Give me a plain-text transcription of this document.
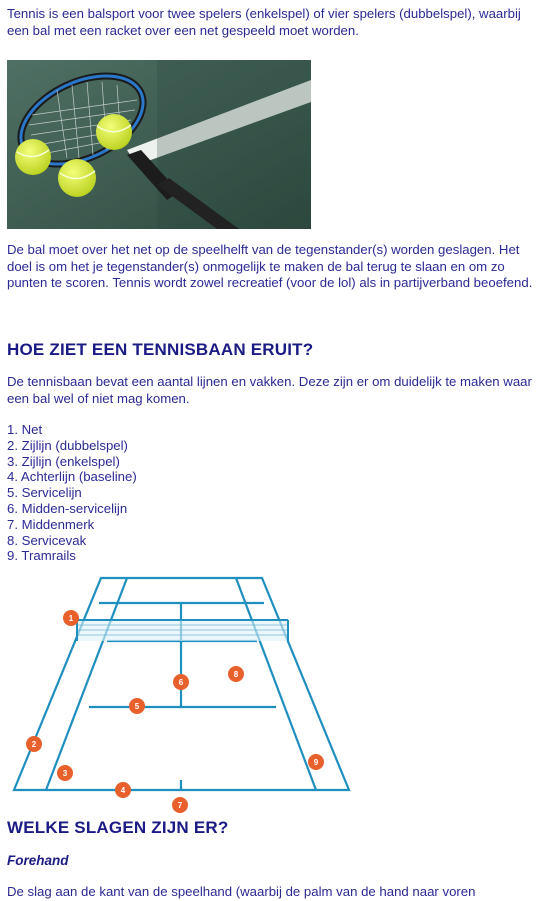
Tennis is een balsport voor twee spelers (enkelspel) of vier spelers (dubbelspel), waarbij een bal met een racket over een net gespeeld moet worden.

De bal moet over het net op de speelhelft van de tegenstander(s) worden geslagen. Het doel is om het je tegenstander(s) onmogelijk te maken de bal terug te slaan en om zo punten te scoren. Tennis wordt zowel recreatief (voor de lol) als in partijverband beoefend.

HOE ZIET EEN TENNISBAAN ERUIT?

De tennisbaan bevat een aantal lijnen en vakken. Deze zijn er om duidelijk te maken waar een bal wel of niet mag komen.

1. Net
2. Zijlijn (dubbelspel)
3. Zijlijn (enkelspel)
4. Achterlijn (baseline)
5. Servicelijn
6. Midden-servicelijn
7. Middenmerk
8. Servicevak
9. Tramrails
1
2
3
4
5
6
7
8
9
WELKE SLAGEN ZIJN ER?
Forehand

De slag aan de kant van de speelhand (waarbij de palm van de hand naar voren
